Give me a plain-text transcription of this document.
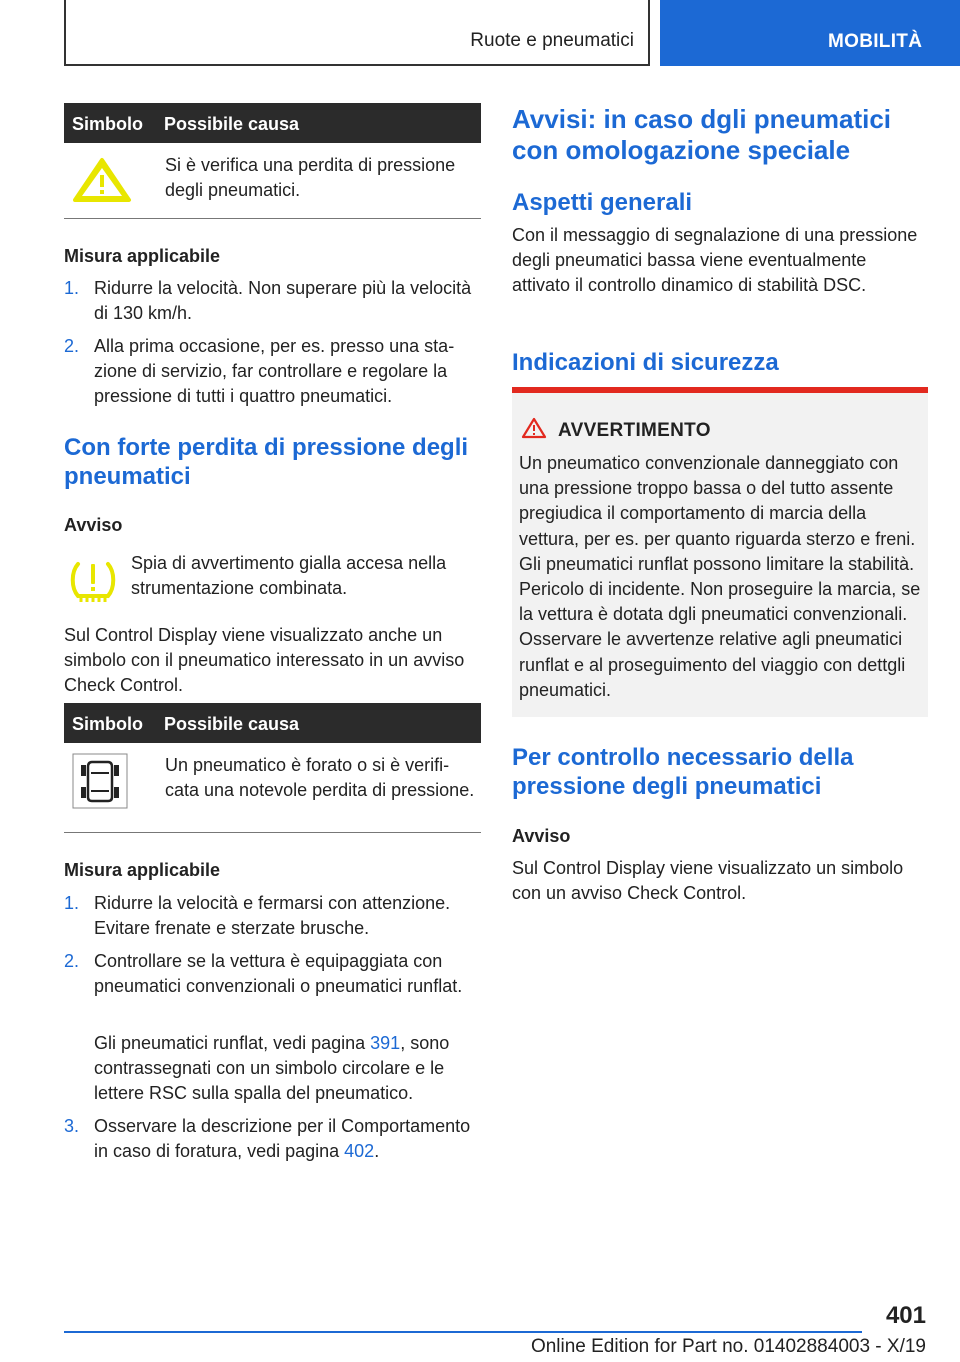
Ruote e pneumatici	MOBILITÀ
Simbolo Possibile causa
Si è verifica una perdita di pressione degli pneumatici.
Misura applicabile
1. Ridurre la velocità. Non superare più la velocità di 130 km/h.
2. Alla prima occasione, per es. presso una stazione di servizio, far controllare e regolare la pressione di tutti i quattro pneumatici.
Con forte perdita di pressione degli pneumatici
Avviso
Spia di avvertimento gialla accesa nella strumentazione combinata.
Sul Control Display viene visualizzato anche un simbolo con il pneumatico interessato in un avviso Check Control.
Simbolo Possibile causa
Un pneumatico è forato o si è verificata una notevole perdita di pressione.
Misura applicabile
1. Ridurre la velocità e fermarsi con attenzione. Evitare frenate e sterzate brusche.
2. Controllare se la vettura è equipaggiata con pneumatici convenzionali o pneumatici runflat.
Gli pneumatici runflat, vedi pagina 391, sono contrassegnati con un simbolo circolare e le lettere RSC sulla spalla del pneumatico.
3. Osservare la descrizione per il Comportamento in caso di foratura, vedi pagina 402.
Avvisi: in caso dgli pneumatici con omologazione speciale
Aspetti generali
Con il messaggio di segnalazione di una pressione degli pneumatici bassa viene eventualmente attivato il controllo dinamico di stabilità DSC.
Indicazioni di sicurezza
AVVERTIMENTO
Un pneumatico convenzionale danneggiato con una pressione troppo bassa o del tutto assente pregiudica il comportamento di marcia della vettura, per es. per quanto riguarda sterzo e freni. Gli pneumatici runflat possono limitare la stabilità. Pericolo di incidente. Non proseguire la marcia, se la vettura è dotata dgli pneumatici convenzionali. Osservare le avvertenze relative agli pneumatici runflat e al proseguimento del viaggio con dettgli pneumatici.
Per controllo necessario della pressione degli pneumatici
Avviso
Sul Control Display viene visualizzato un simbolo con un avviso Check Control.
401
Online Edition for Part no. 01402884003 - X/19
